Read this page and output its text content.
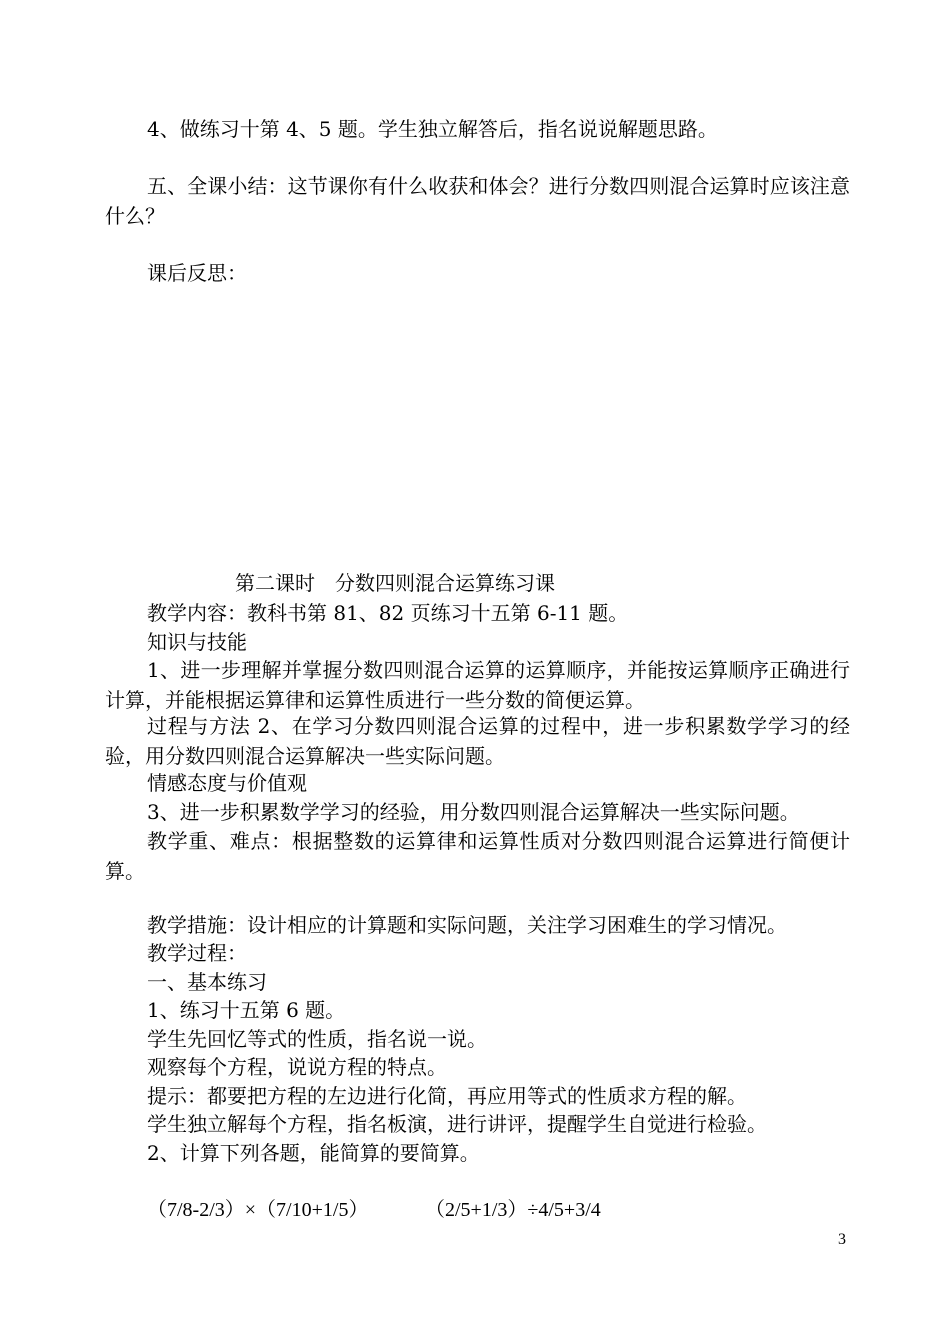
4、做练习十第 4、5 题。学生独立解答后，指名说说解题思路。
五、全课小结：这节课你有什么收获和体会？进行分数四则混合运算时应该注意什么？
课后反思：
第二课时　分数四则混合运算练习课
教学内容：教科书第 81、82 页练习十五第 6-11 题。
知识与技能
1、进一步理解并掌握分数四则混合运算的运算顺序，并能按运算顺序正确进行计算，并能根据运算律和运算性质进行一些分数的简便运算。
过程与方法 2、在学习分数四则混合运算的过程中，进一步积累数学学习的经验，用分数四则混合运算解决一些实际问题。
情感态度与价值观
3、进一步积累数学学习的经验，用分数四则混合运算解决一些实际问题。
教学重、难点：根据整数的运算律和运算性质对分数四则混合运算进行简便计算。
教学措施：设计相应的计算题和实际问题，关注学习困难生的学习情况。
教学过程：
一、基本练习
1、练习十五第 6 题。
学生先回忆等式的性质，指名说一说。
观察每个方程，说说方程的特点。
提示：都要把方程的左边进行化简，再应用等式的性质求方程的解。
学生独立解每个方程，指名板演，进行讲评，提醒学生自觉进行检验。
2、计算下列各题，能简算的要简算。
（7/8-2/3）×（7/10+1/5）	（2/5+1/3）÷4/5+3/4
3
